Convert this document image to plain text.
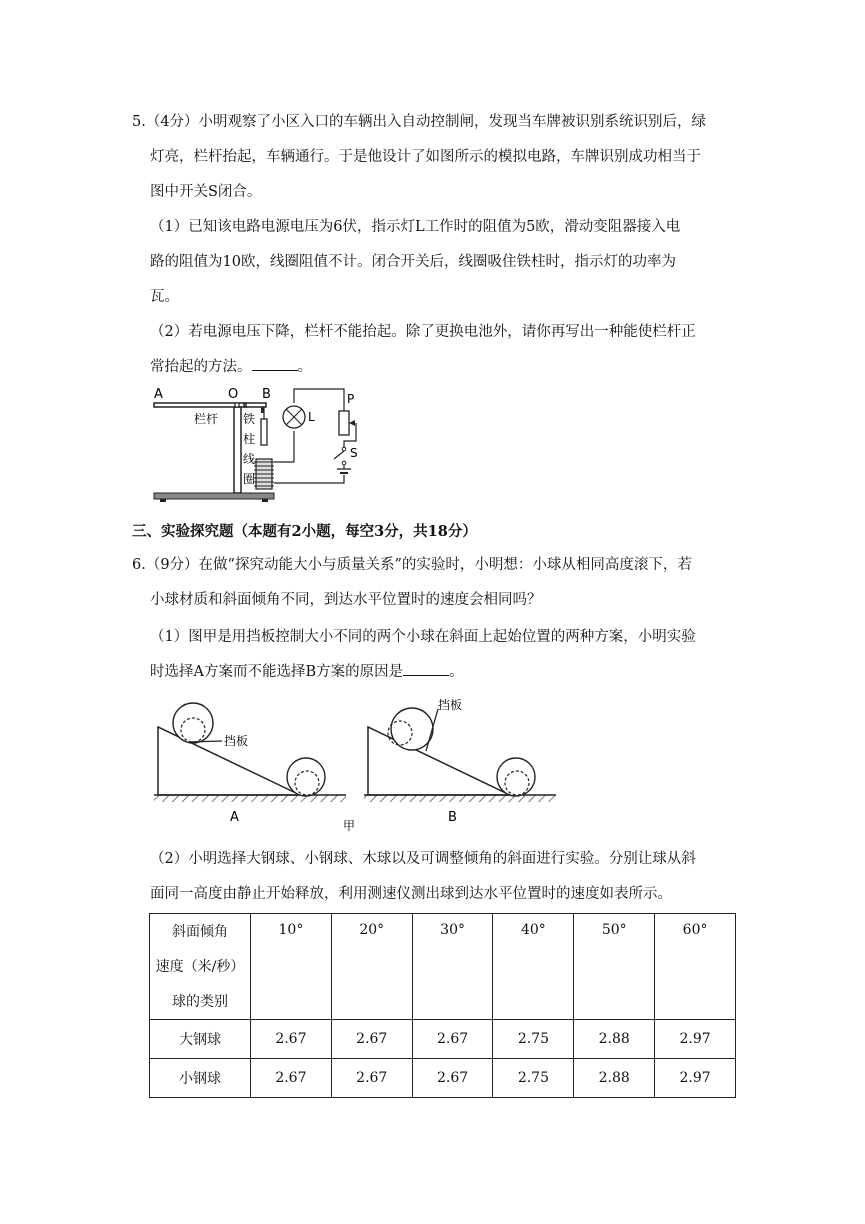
5.（4分）小明观察了小区入口的车辆出入自动控制闸，发现当车牌被识别系统识别后，绿

灯亮，栏杆抬起，车辆通行。于是他设计了如图所示的模拟电路，车牌识别成功相当于

图中开关S闭合。

（1）已知该电路电源电压为6伏，指示灯L工作时的阻值为5欧，滑动变阻器接入电

路的阻值为10欧，线圈阻值不计。闭合开关后，线圈吸住铁柱时，指示灯的功率为

瓦。

（2）若电源电压下降，栏杆不能抬起。除了更换电池外，请你再写出一种能使栏杆正

常抬起的方法。	。

A	O B
栏杆 铁
柱
线
圈
L
P
S

三、实验探究题（本题有2小题，每空3分，共18分）

6.（9分）在做“探究动能大小与质量关系”的实验时，小明想：小球从相同高度滚下，若

小球材质和斜面倾角不同，到达水平位置时的速度会相同吗？

（1）图甲是用挡板控制大小不同的两个小球在斜面上起始位置的两种方案，小明实验

时选择A方案而不能选择B方案的原因是	。

挡板
挡板
A
甲
B

（2）小明选择大钢球、小钢球、木球以及可调整倾角的斜面进行实验。分别让球从斜

面同一高度由静止开始释放，利用测速仪测出球到达水平位置时的速度如表所示。

斜面倾角
速度（米/秒）
球的类别	10°	20°	30°	40°	50°	60°

大钢球	2.67	2.67	2.67	2.75	2.88	2.97
小钢球	2.67	2.67	2.67	2.75	2.88	2.97
